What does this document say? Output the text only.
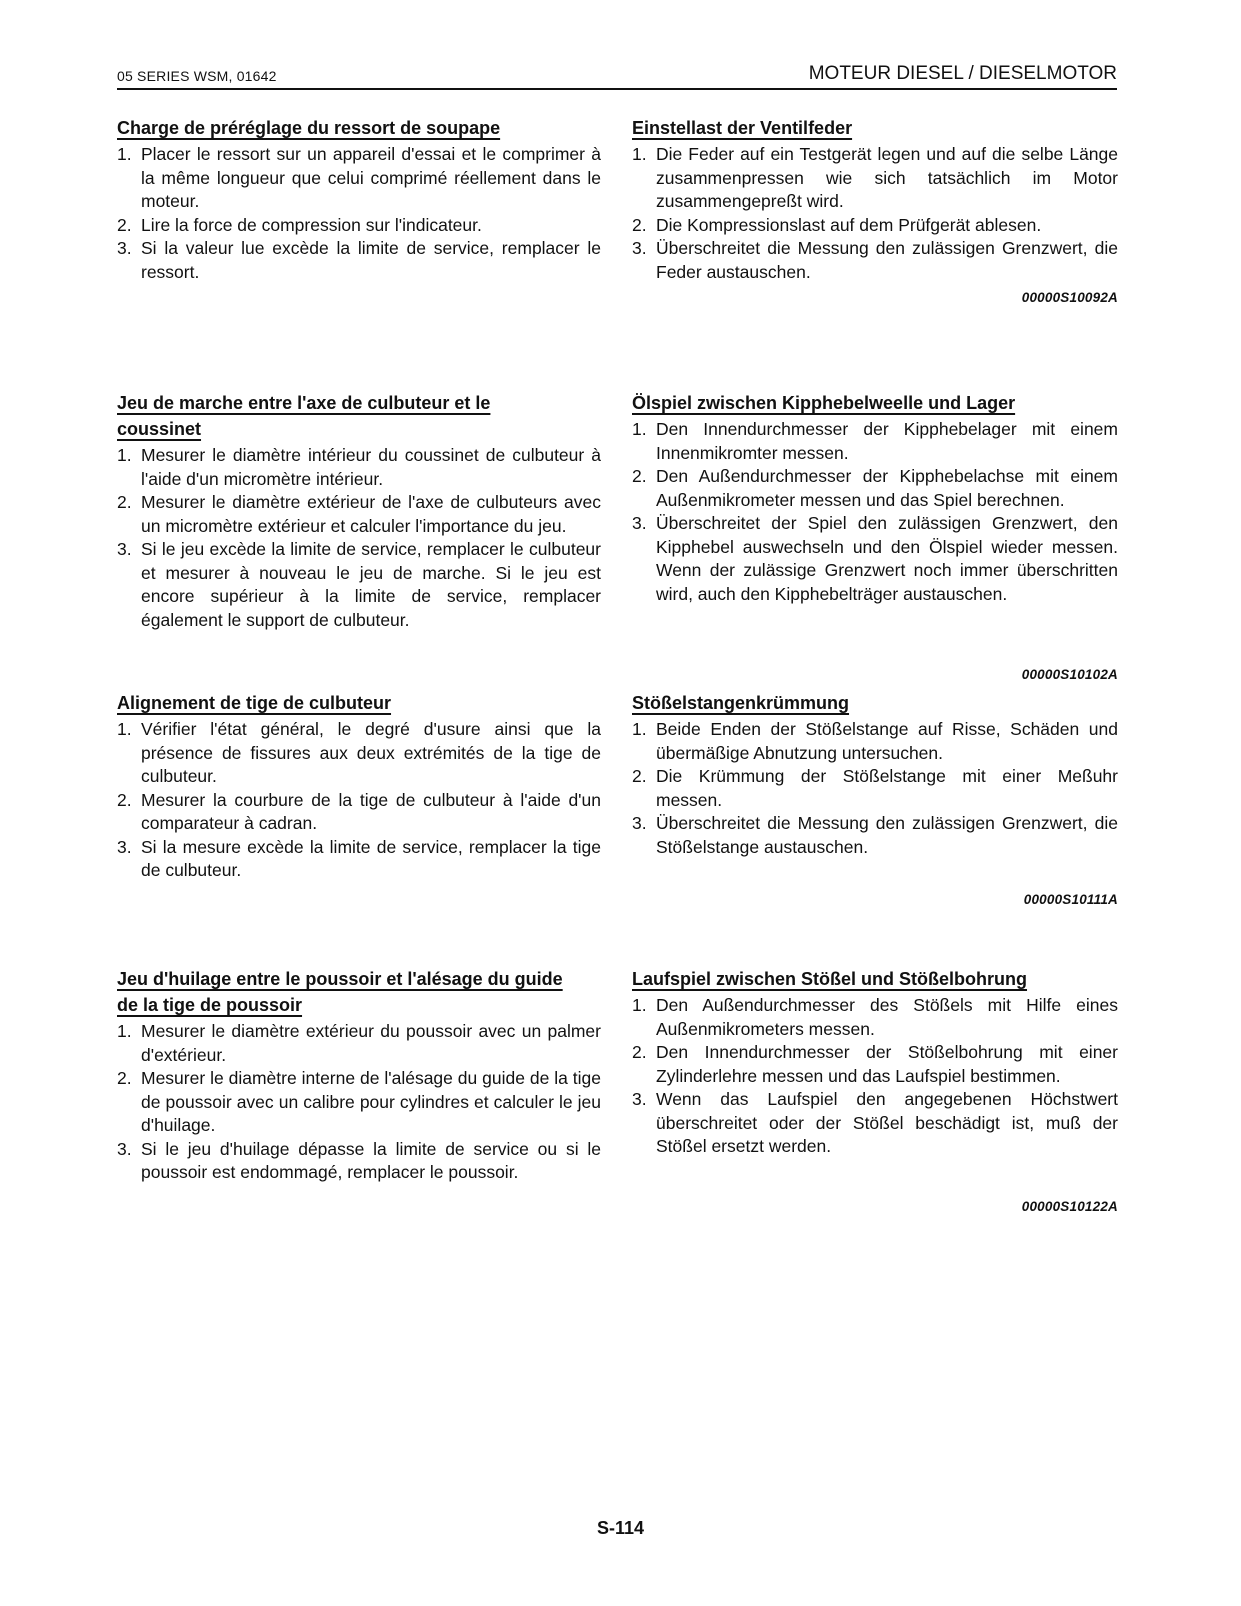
05 SERIES WSM, 01642	MOTEUR DIESEL / DIESELMOTOR
Charge de préréglage du ressort de soupape
1. Placer le ressort sur un appareil d'essai et le comprimer à la même longueur que celui comprimé réellement dans le moteur.
2. Lire la force de compression sur l'indicateur.
3. Si la valeur lue excède la limite de service, remplacer le ressort.
Einstellast der Ventilfeder
1. Die Feder auf ein Testgerät legen und auf die selbe Länge zusammenpressen wie sich tatsächlich im Motor zusammengepreßt wird.
2. Die Kompressionslast auf dem Prüfgerät ablesen.
3. Überschreitet die Messung den zulässigen Grenzwert, die Feder austauschen.
00000S10092A
Jeu de marche entre l'axe de culbuteur et le
coussinet
1. Mesurer le diamètre intérieur du coussinet de culbuteur à l'aide d'un micromètre intérieur.
2. Mesurer le diamètre extérieur de l'axe de culbuteurs avec un micromètre extérieur et calculer l'importance du jeu.
3. Si le jeu excède la limite de service, remplacer le culbuteur et mesurer à nouveau le jeu de marche. Si le jeu est encore supérieur à la limite de service, remplacer également le support de culbuteur.
Ölspiel zwischen Kipphebelweelle und Lager
1. Den Innendurchmesser der Kipphebelager mit einem Innenmikromter messen.
2. Den Außendurchmesser der Kipphebelachse mit einem Außenmikrometer messen und das Spiel berechnen.
3. Überschreitet der Spiel den zulässigen Grenzwert, den Kipphebel auswechseln und den Ölspiel wieder messen. Wenn der zulässige Grenzwert noch immer überschritten wird, auch den Kipphebelträger austauschen.
00000S10102A
Alignement de tige de culbuteur
1. Vérifier l'état général, le degré d'usure ainsi que la présence de fissures aux deux extrémités de la tige de culbuteur.
2. Mesurer la courbure de la tige de culbuteur à l'aide d'un comparateur à cadran.
3. Si la mesure excède la limite de service, remplacer la tige de culbuteur.
Stößelstangenkrümmung
1. Beide Enden der Stößelstange auf Risse, Schäden und übermäßige Abnutzung untersuchen.
2. Die Krümmung der Stößelstange mit einer Meßuhr messen.
3. Überschreitet die Messung den zulässigen Grenzwert, die Stößelstange austauschen.
00000S10111A
Jeu d'huilage entre le poussoir et l'alésage du guide
de la tige de poussoir
1. Mesurer le diamètre extérieur du poussoir avec un palmer d'extérieur.
2. Mesurer le diamètre interne de l'alésage du guide de la tige de poussoir avec un calibre pour cylindres et calculer le jeu d'huilage.
3. Si le jeu d'huilage dépasse la limite de service ou si le poussoir est endommagé, remplacer le poussoir.
Laufspiel zwischen Stößel und Stößelbohrung
1. Den Außendurchmesser des Stößels mit Hilfe eines Außenmikrometers messen.
2. Den Innendurchmesser der Stößelbohrung mit einer Zylinderlehre messen und das Laufspiel bestimmen.
3. Wenn das Laufspiel den angegebenen Höchstwert überschreitet oder der Stößel beschädigt ist, muß der Stößel ersetzt werden.
00000S10122A
S-114
